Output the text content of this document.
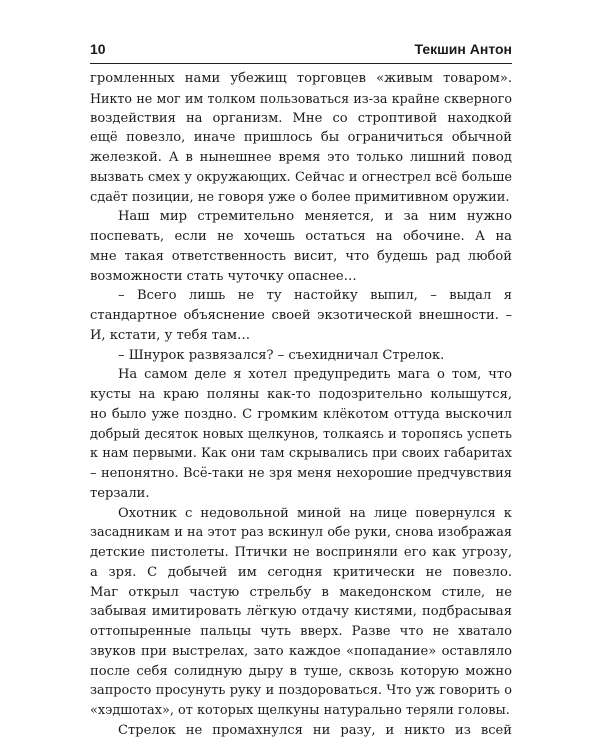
10	Текшин Антон
громленных нами убежищ торговцев «живым товаром».
Никто не мог им толком пользоваться из-за крайне скверного
воздействия на организм. Мне со строптивой находкой
ещё повезло, иначе пришлось бы ограничиться обычной
железкой. А в нынешнее время это только лишний повод
вызвать смех у окружающих. Сейчас и огнестрел всё больше
сдаёт позиции, не говоря уже о более примитивном оружии.
Наш мир стремительно меняется, и за ним нужно
поспевать, если не хочешь остаться на обочине. А на
мне такая ответственность висит, что будешь рад любой
возможности стать чуточку опаснее…
– Всего лишь не ту настойку выпил, – выдал я
стандартное объяснение своей экзотической внешности. –
И, кстати, у тебя там…
– Шнурок развязался? – съехидничал Стрелок.
На самом деле я хотел предупредить мага о том, что
кусты на краю поляны как-то подозрительно колышутся,
но было уже поздно. С громким клёкотом оттуда выскочил
добрый десяток новых щелкунов, толкаясь и торопясь успеть
к нам первыми. Как они там скрывались при своих габаритах
– непонятно. Всё-таки не зря меня нехорошие предчувствия
терзали.
Охотник с недовольной миной на лице повернулся к
засадникам и на этот раз вскинул обе руки, снова изображая
детские пистолеты. Птички не восприняли его как угрозу,
а зря. С добычей им сегодня критически не повезло.
Маг открыл частую стрельбу в македонском стиле, не
забывая имитировать лёгкую отдачу кистями, подбрасывая
оттопыренные пальцы чуть вверх. Разве что не хватало
звуков при выстрелах, зато каждое «попадание» оставляло
после себя солидную дыру в туше, сквозь которую можно
запросто просунуть руку и поздороваться. Что уж говорить о
«хэдшотах», от которых щелкуны натурально теряли головы.
Стрелок не промахнулся ни разу, и никто из всей
